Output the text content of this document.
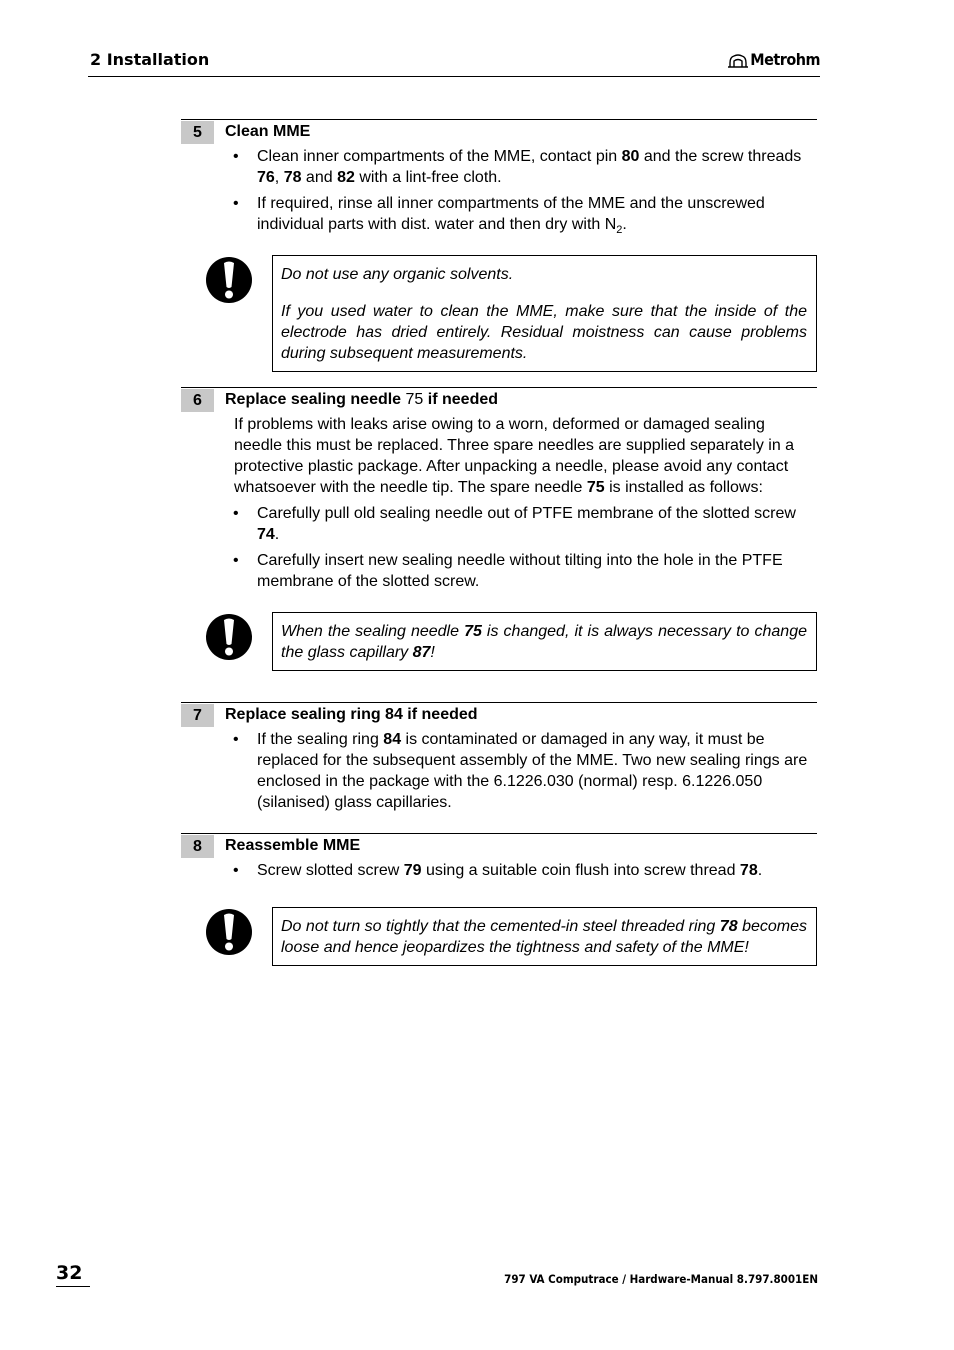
2 Installation	Metrohm
5	Clean MME
• Clean inner compartments of the MME, contact pin 80 and the screw threads 76, 78 and 82 with a lint-free cloth.
• If required, rinse all inner compartments of the MME and the unscrewed individual parts with dist. water and then dry with $N_2$.

Do not use any organic solvents.

If you used water to clean the MME, make sure that the inside of the electrode has dried entirely. Residual moistness can cause problems during subsequent measurements.

6	Replace sealing needle 75 if needed
If problems with leaks arise owing to a worn, deformed or damaged sealing needle this must be replaced. Three spare needles are supplied separately in a protective plastic package. After unpacking a needle, please avoid any contact whatsoever with the needle tip. The spare needle 75 is installed as follows:
• Carefully pull old sealing needle out of PTFE membrane of the slotted screw 74.
• Carefully insert new sealing needle without tilting into the hole in the PTFE membrane of the slotted screw.

When the sealing needle 75 is changed, it is always necessary to change the glass capillary 87!

7	Replace sealing ring 84 if needed
• If the sealing ring 84 is contaminated or damaged in any way, it must be replaced for the subsequent assembly of the MME. Two new sealing rings are enclosed in the package with the 6.1226.030 (normal) resp. 6.1226.050 (silanised) glass capillaries.
8	Reassemble MME
• Screw slotted screw 79 using a suitable coin flush into screw thread 78.

Do not turn so tightly that the cemented-in steel threaded ring 78 becomes loose and hence jeopardizes the tightness and safety of the MME!

32	797 VA Computrace / Hardware-Manual 8.797.8001EN
